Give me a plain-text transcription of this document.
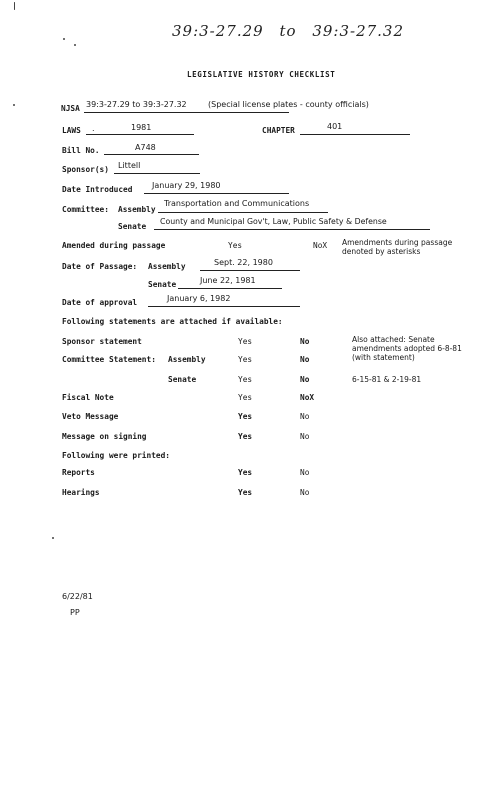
39:3-27.29 to 39:3-27.32
LEGISLATIVE HISTORY CHECKLIST
NJSA 39:3-27.29 to 39:3-27.32	(Special license plates - county officials)
LAWS .	1981	CHAPTER	401
Bill No.	A748
Sponsor(s) Littell
Date Introduced January 29, 1980
Committee: Assembly
Transportation and Communications
Senate
County and Municipal Gov't, Law, Public Safety & Defense
Amended during passage	Yes	NoX Amendments during passage
denoted by asterisks
Date of Passage: Assembly	Sept. 22, 1980
Senate	June 22, 1981
Date of approval	January 6, 1982
Following statements are attached if available:
Sponsor statement	Yes	No	Also attached: Senate
amendments adopted 6-8-81
(with statement)
Committee Statement: Assembly	Yes	No
Senate	Yes	No	6-15-81 & 2-19-81
Fiscal Note	Yes	NoX
Veto Message	Yes	No
Message on signing	Yes	No
Following were printed:
Reports	Yes	No
Hearings	Yes	No
6/22/81
PP
